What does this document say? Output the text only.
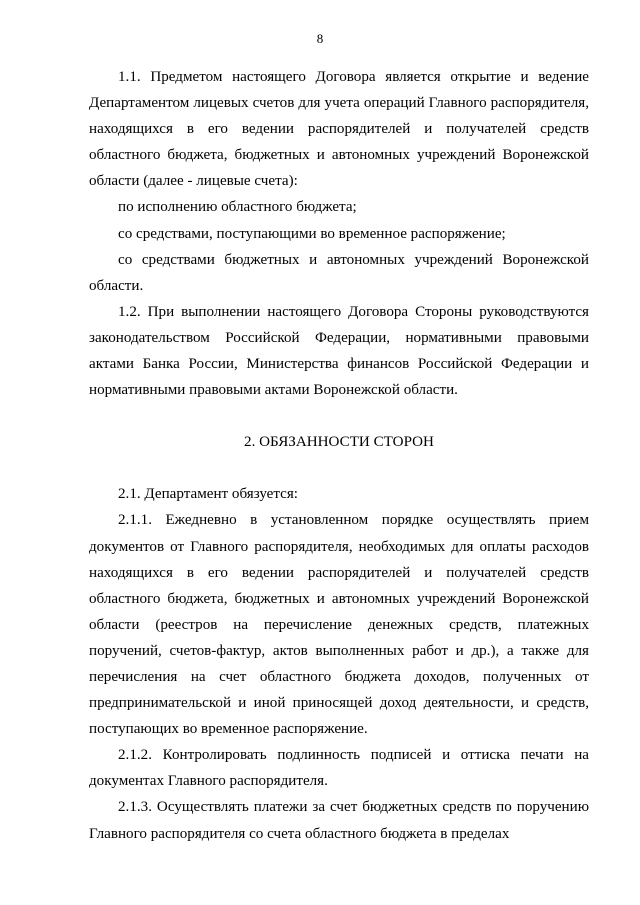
8

1.1. Предметом настоящего Договора является открытие и ведение Департаментом лицевых счетов для учета операций Главного распорядителя, находящихся в его ведении распорядителей и получателей средств областного бюджета, бюджетных и автономных учреждений Воронежской области (далее - лицевые счета):

по исполнению областного бюджета;

со средствами, поступающими во временное распоряжение;

со средствами бюджетных и автономных учреждений Воронежской области.

1.2. При выполнении настоящего Договора Стороны руководствуются законодательством Российской Федерации, нормативными правовыми актами Банка России, Министерства финансов Российской Федерации и нормативными правовыми актами Воронежской области.

2. ОБЯЗАННОСТИ СТОРОН

2.1. Департамент обязуется:

2.1.1. Ежедневно в установленном порядке осуществлять прием документов от Главного распорядителя, необходимых для оплаты расходов находящихся в его ведении распорядителей и получателей средств областного бюджета, бюджетных и автономных учреждений Воронежской области (реестров на перечисление денежных средств, платежных поручений, счетов-фактур, актов выполненных работ и др.), а также для перечисления на счет областного бюджета доходов, полученных от предпринимательской и иной приносящей доход деятельности, и средств, поступающих во временное распоряжение.

2.1.2. Контролировать подлинность подписей и оттиска печати на документах Главного распорядителя.

2.1.3. Осуществлять платежи за счет бюджетных средств по поручению Главного распорядителя со счета областного бюджета в пределах
